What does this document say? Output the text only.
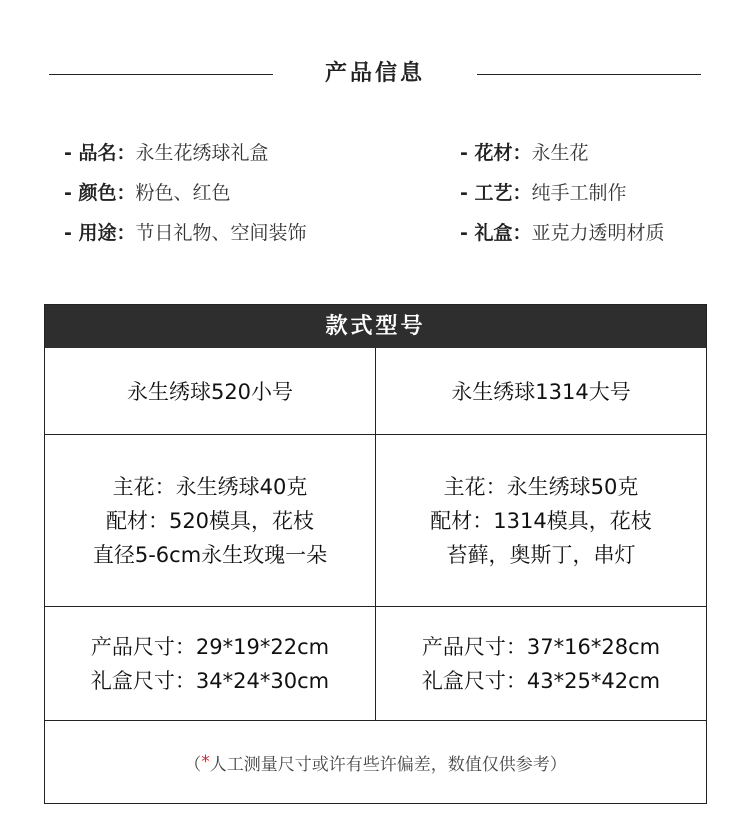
产品信息
- 品名：永生花绣球礼盒
- 颜色：粉色、红色
- 用途：节日礼物、空间装饰
- 花材：永生花
- 工艺：纯手工制作
- 礼盒：亚克力透明材质
款式型号
永生绣球520小号	永生绣球1314大号
主花：永生绣球40克
配材：520模具，花枝
直径5-6cm永生玫瑰一朵
主花：永生绣球50克
配材：1314模具，花枝
苔藓，奥斯丁，串灯
产品尺寸：29*19*22cm
礼盒尺寸：34*24*30cm
产品尺寸：37*16*28cm
礼盒尺寸：43*25*42cm
（ * 人工测量尺寸或许有些许偏差，数值仅供参考 ）
